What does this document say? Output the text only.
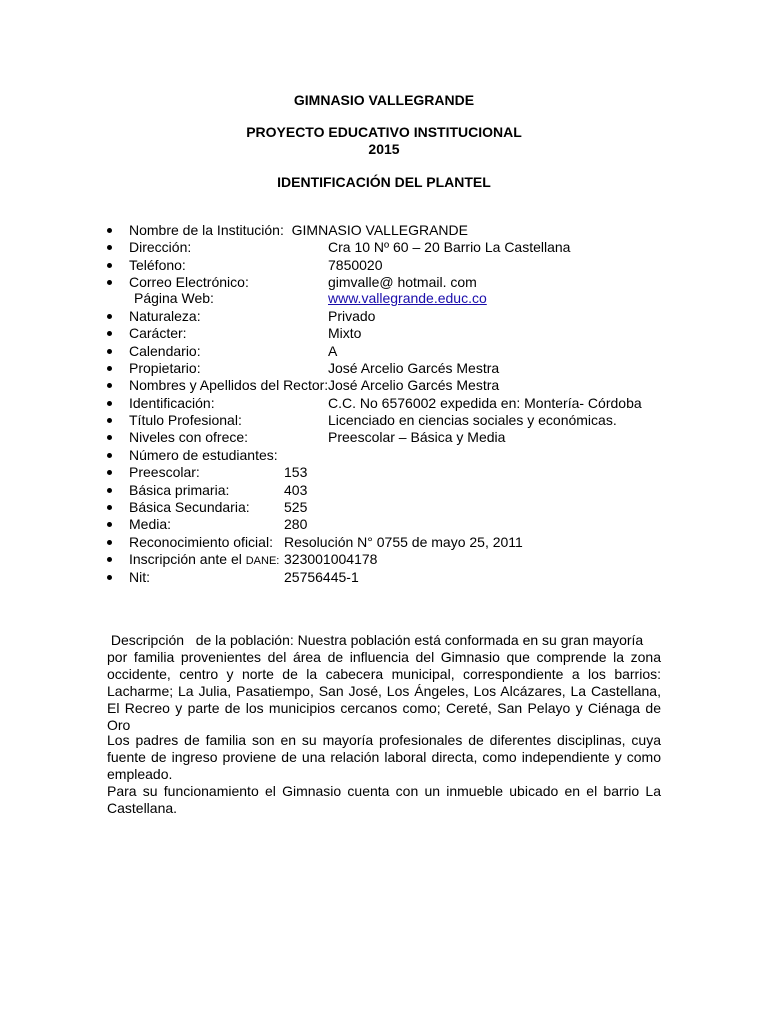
GIMNASIO VALLEGRANDE
PROYECTO EDUCATIVO INSTITUCIONAL
2015
IDENTIFICACIÓN DEL PLANTEL
Nombre de la Institución: GIMNASIO VALLEGRANDE
Dirección:	Cra 10 Nº 60 – 20 Barrio La Castellana
Teléfono:	7850020
Correo Electrónico:	gimvalle@ hotmail. com
Página Web:	www.vallegrande.educ.co
Naturaleza:	Privado
Carácter:	Mixto
Calendario:	A
Propietario:	José Arcelio Garcés Mestra
Nombres y Apellidos del Rector: José Arcelio Garcés Mestra
Identificación:	C.C. No 6576002 expedida en: Montería- Córdoba
Título Profesional:	Licenciado en ciencias sociales y económicas.
Niveles con ofrece:	Preescolar – Básica y Media
Número de estudiantes:
Preescolar:	153
Básica primaria:	403
Básica Secundaria: 525
Media:	280
Reconocimiento oficial: Resolución N° 0755 de mayo 25, 2011
Inscripción ante el DANE: 323001004178
Nit:	25756445-1

Descripción   de la población: Nuestra población está conformada en su gran mayoría

por familia provenientes del área de influencia del Gimnasio que comprende la zona occidente, centro y norte de la cabecera municipal, correspondiente a los barrios: Lacharme; La Julia, Pasatiempo, San José, Los Ángeles, Los Alcázares, La Castellana, El Recreo y parte de los municipios cercanos como; Cereté, San Pelayo y Ciénaga de Oro

Los padres de familia son en su mayoría profesionales de diferentes disciplinas, cuya fuente de ingreso proviene de una relación laboral directa, como independiente y como empleado.

Para su funcionamiento el Gimnasio cuenta con un inmueble ubicado en el barrio La Castellana.
